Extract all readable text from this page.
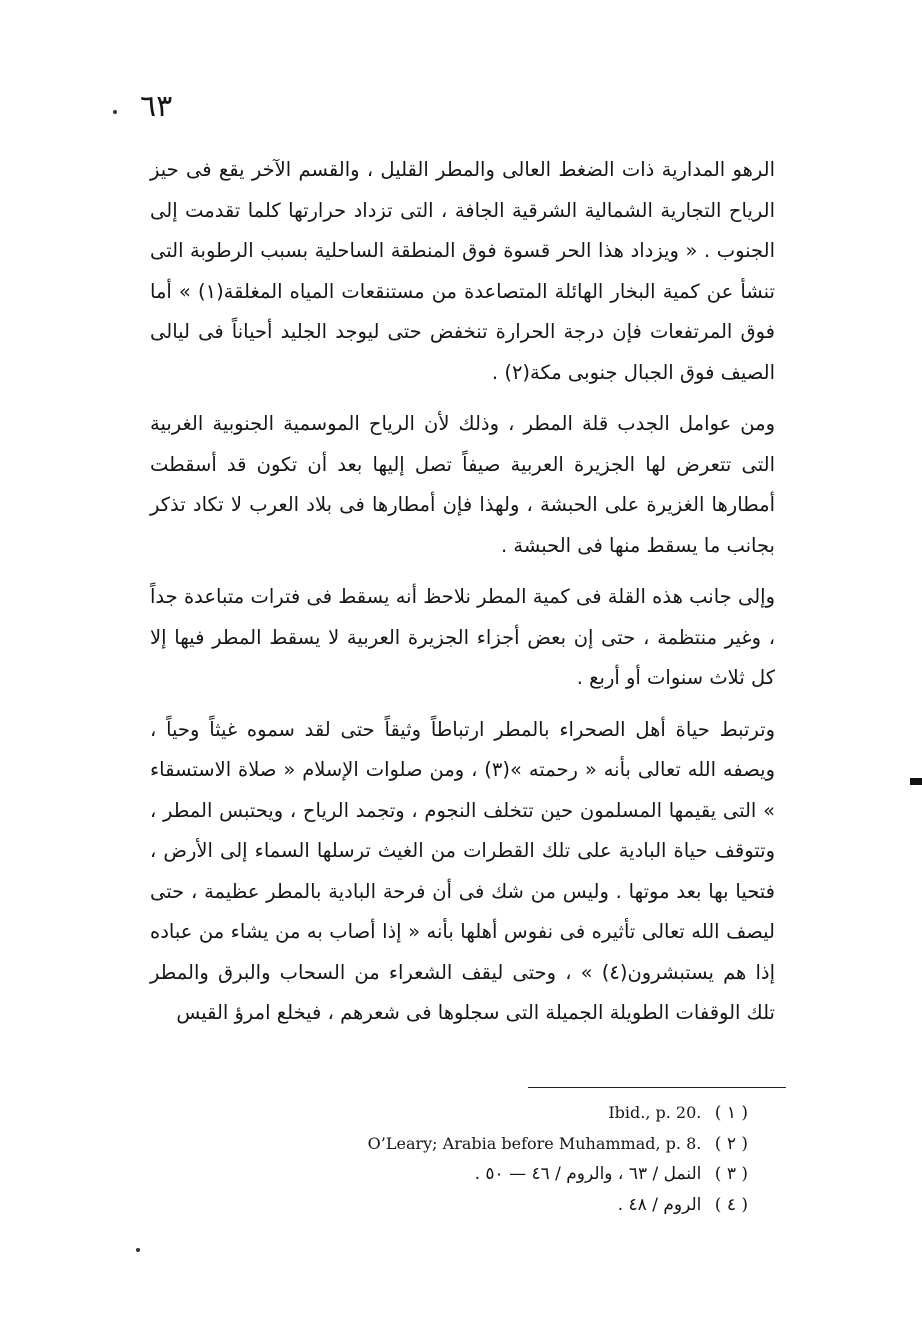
٦٣

الرهو المدارية ذات الضغط العالى والمطر القليل ، والقسم الآخر يقع فى حيز الرياح التجارية الشمالية الشرقية الجافة ، التى تزداد حرارتها كلما تقدمت إلى الجنوب . « ويزداد هذا الحر قسوة فوق المنطقة الساحلية بسبب الرطوبة التى تنشأ عن كمية البخار الهائلة المتصاعدة من مستنقعات المياه المغلقة(١) » أما فوق المرتفعات فإن درجة الحرارة تنخفض حتى ليوجد الجليد أحياناً فى ليالى الصيف فوق الجبال جنوبى مكة(٢) .

ومن عوامل الجدب قلة المطر ، وذلك لأن الرياح الموسمية الجنوبية الغربية التى تتعرض لها الجزيرة العربية صيفاً تصل إليها بعد أن تكون قد أسقطت أمطارها الغزيرة على الحبشة ، ولهذا فإن أمطارها فى بلاد العرب لا تكاد تذكر بجانب ما يسقط منها فى الحبشة .

وإلى جانب هذه القلة فى كمية المطر نلاحظ أنه يسقط فى فترات متباعدة جداً ، وغير منتظمة ، حتى إن بعض أجزاء الجزيرة العربية لا يسقط المطر فيها إلا كل ثلاث سنوات أو أربع .

وترتبط حياة أهل الصحراء بالمطر ارتباطاً وثيقاً حتى لقد سموه غيثاً وحياً ، ويصفه الله تعالى بأنه « رحمته »(٣) ، ومن صلوات الإسلام « صلاة الاستسقاء » التى يقيمها المسلمون حين تتخلف النجوم ، وتجمد الرياح ، ويحتبس المطر ، وتتوقف حياة البادية على تلك القطرات من الغيث ترسلها السماء إلى الأرض ، فتحيا بها بعد موتها . وليس من شك فى أن فرحة البادية بالمطر عظيمة ، حتى ليصف الله تعالى تأثيره فى نفوس أهلها بأنه « إذا أصاب به من يشاء من عباده إذا هم يستبشرون(٤) » ، وحتى ليقف الشعراء من السحاب والبرق والمطر تلك الوقفات الطويلة الجميلة التى سجلوها فى شعرهم ، فيخلع امرؤ القيس

( ١ ) Ibid., p. 20.
( ٢ ) O’Leary; Arabia before Muhammad, p. 8.
( ٣ ) النمل / ٦٣ ، والروم / ٤٦ — ٥٠ .
( ٤ ) الروم / ٤٨ .
